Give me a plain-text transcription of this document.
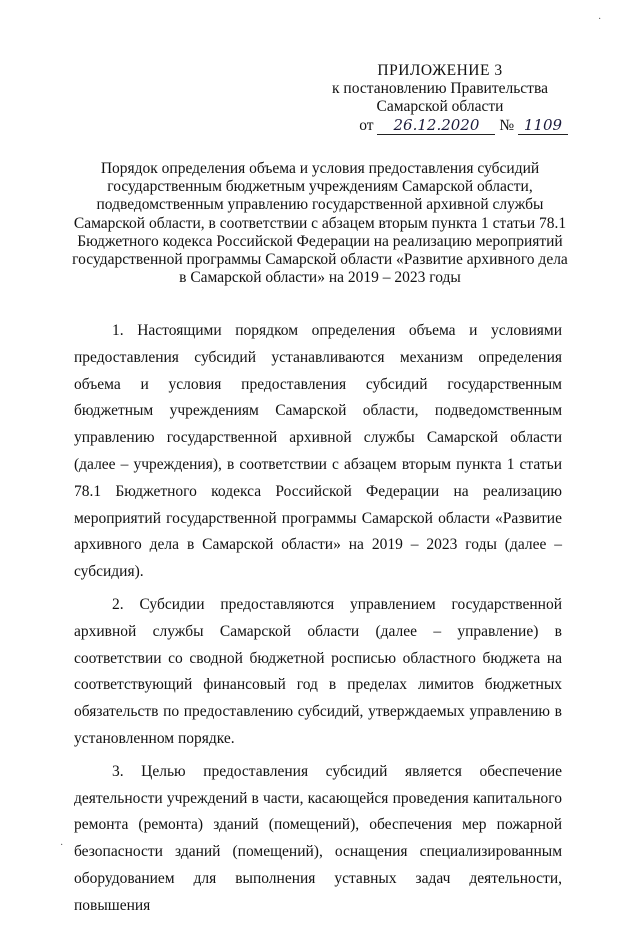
ПРИЛОЖЕНИЕ 3
к постановлению Правительства
Самарской области
от 26.12.2020 № 1109
Порядок определения объема и условия предоставления субсидий государственным бюджетным учреждениям Самарской области, подведомственным управлению государственной архивной службы Самарской области, в соответствии с абзацем вторым пункта 1 статьи 78.1 Бюджетного кодекса Российской Федерации на реализацию мероприятий государственной программы Самарской области «Развитие архивного дела в Самарской области» на 2019 – 2023 годы

1. Настоящими порядком определения объема и условиями предоставления субсидий устанавливаются механизм определения объема и условия предоставления субсидий государственным бюджетным учреждениям Самарской области, подведомственным управлению государственной архивной службы Самарской области (далее – учреждения), в соответствии с абзацем вторым пункта 1 статьи 78.1 Бюджетного кодекса Российской Федерации на реализацию мероприятий государственной программы Самарской области «Развитие архивного дела в Самарской области» на 2019 – 2023 годы (далее – субсидия).

2. Субсидии предоставляются управлением государственной архивной службы Самарской области (далее – управление) в соответствии со сводной бюджетной росписью областного бюджета на соответствующий финансовый год в пределах лимитов бюджетных обязательств по предоставлению субсидий, утверждаемых управлению в установленном порядке.

3. Целью предоставления субсидий является обеспечение деятельности учреждений в части, касающейся проведения капитального ремонта (ремонта) зданий (помещений), обеспечения мер пожарной безопасности зданий (помещений), оснащения специализированным оборудованием для выполнения уставных задач деятельности, повышения

·
·
